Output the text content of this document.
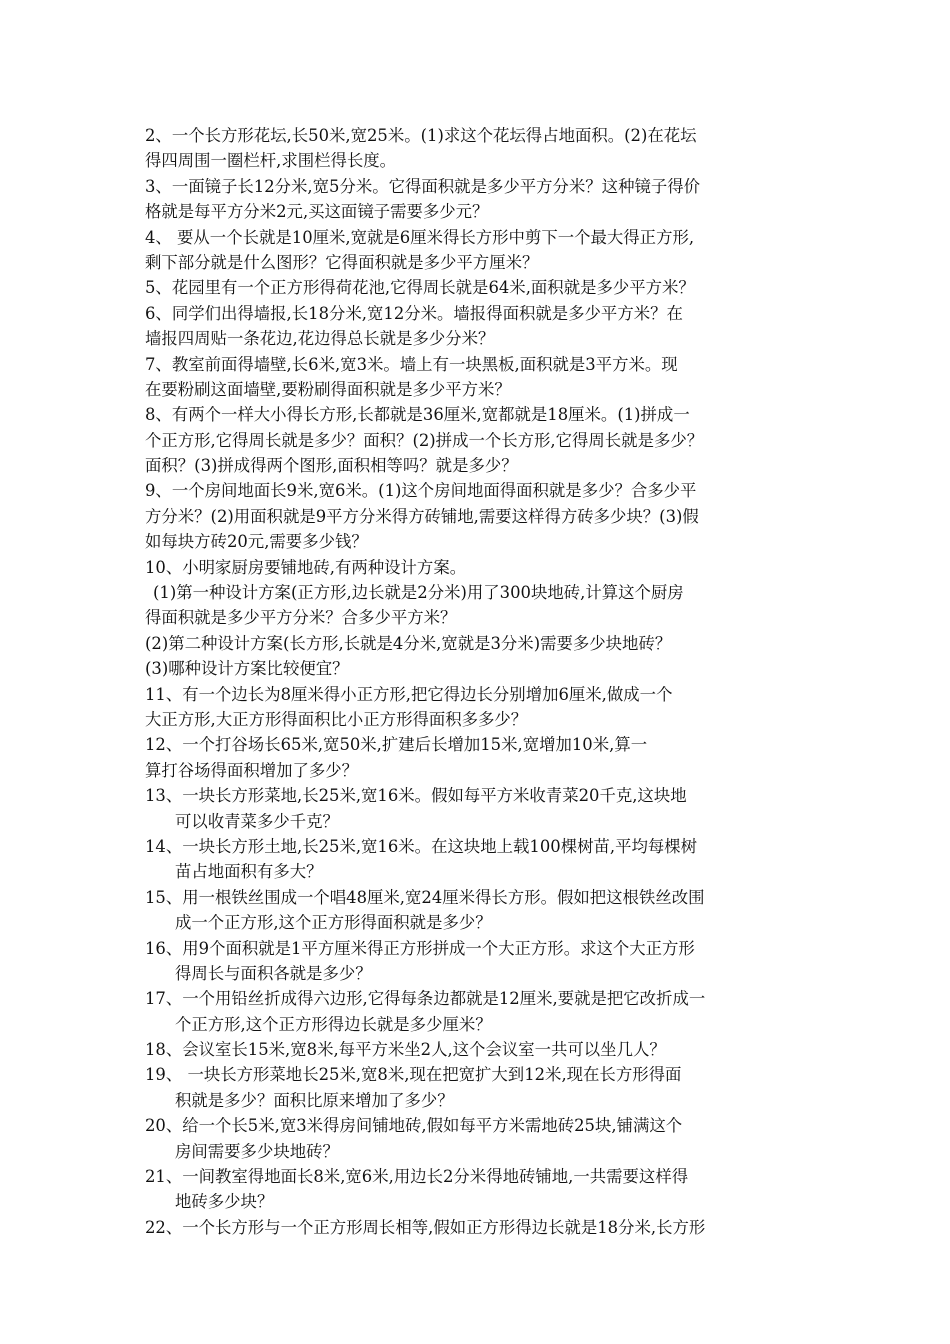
2、一个长方形花坛,长50米,宽25米。(1)求这个花坛得占地面积。(2)在花坛
得四周围一圈栏杆,求围栏得长度。
3、一面镜子长12分米,宽5分米。它得面积就是多少平方分米？这种镜子得价
格就是每平方分米2元,买这面镜子需要多少元？
4、 要从一个长就是10厘米,宽就是6厘米得长方形中剪下一个最大得正方形,
剩下部分就是什么图形？它得面积就是多少平方厘米？
5、花园里有一个正方形得荷花池,它得周长就是64米,面积就是多少平方米？
6、同学们出得墙报,长18分米,宽12分米。墙报得面积就是多少平方米？在
墙报四周贴一条花边,花边得总长就是多少分米？
7、教室前面得墙壁,长6米,宽3米。墙上有一块黑板,面积就是3平方米。现
在要粉刷这面墙壁,要粉刷得面积就是多少平方米？
8、有两个一样大小得长方形,长都就是36厘米,宽都就是18厘米。(1)拼成一
个正方形,它得周长就是多少？面积？(2)拼成一个长方形,它得周长就是多少？
面积？(3)拼成得两个图形,面积相等吗？就是多少？
9、一个房间地面长9米,宽6米。(1)这个房间地面得面积就是多少？合多少平
方分米？(2)用面积就是9平方分米得方砖铺地,需要这样得方砖多少块？(3)假
如每块方砖20元,需要多少钱？
10、小明家厨房要铺地砖,有两种设计方案。
(1)第一种设计方案(正方形,边长就是2分米)用了300块地砖,计算这个厨房
得面积就是多少平方分米？合多少平方米？
(2)第二种设计方案(长方形,长就是4分米,宽就是3分米)需要多少块地砖？
(3)哪种设计方案比较便宜？
11、有一个边长为8厘米得小正方形,把它得边长分别增加6厘米,做成一个
大正方形,大正方形得面积比小正方形得面积多多少？
12、一个打谷场长65米,宽50米,扩建后长增加15米,宽增加10米,算一
算打谷场得面积增加了多少？
13、一块长方形菜地,长25米,宽16米。假如每平方米收青菜20千克,这块地
可以收青菜多少千克？
14、一块长方形土地,长25米,宽16米。在这块地上载100棵树苗,平均每棵树
苗占地面积有多大？
15、用一根铁丝围成一个唱48厘米,宽24厘米得长方形。假如把这根铁丝改围
成一个正方形,这个正方形得面积就是多少？
16、用9个面积就是1平方厘米得正方形拼成一个大正方形。求这个大正方形
得周长与面积各就是多少？
17、一个用铅丝折成得六边形,它得每条边都就是12厘米,要就是把它改折成一
个正方形,这个正方形得边长就是多少厘米？
18、会议室长15米,宽8米,每平方米坐2人,这个会议室一共可以坐几人？
19、 一块长方形菜地长25米,宽8米,现在把宽扩大到12米,现在长方形得面
积就是多少？面积比原来增加了多少？
20、给一个长5米,宽3米得房间铺地砖,假如每平方米需地砖25块,铺满这个
房间需要多少块地砖？
21、一间教室得地面长8米,宽6米,用边长2分米得地砖铺地,一共需要这样得
地砖多少块？
22、一个长方形与一个正方形周长相等,假如正方形得边长就是18分米,长方形
